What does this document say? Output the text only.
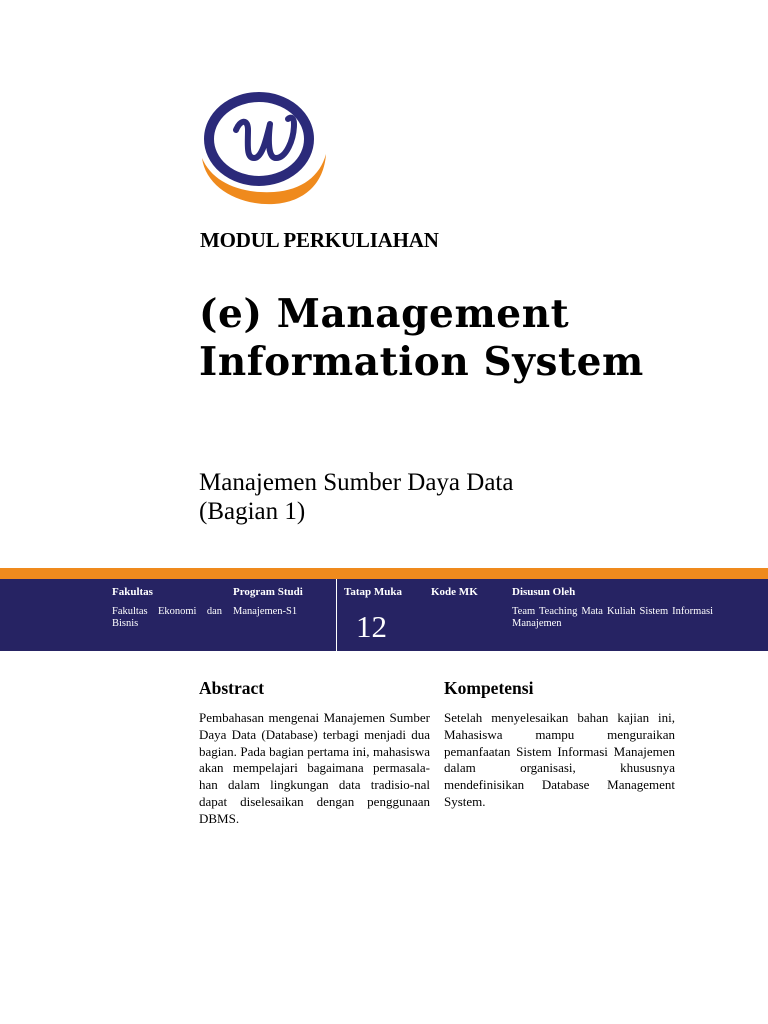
MODUL PERKULIAHAN
(e) Management
Information System
Manajemen Sumber Daya Data
(Bagian 1)
Fakultas
Fakultas Ekonomi dan Bisnis
Program Studi
Manajemen-S1
Tatap Muka
12
Kode MK	Disusun Oleh
Team Teaching Mata Kuliah Sistem Informasi Manajemen
Abstract

Pembahasan mengenai Manajemen Sumber Daya Data (Database) terbagi menjadi dua bagian. Pada bagian pertama ini, mahasiswa akan mempelajari bagaimana permasala-han dalam lingkungan data tradisio-nal dapat diselesaikan dengan penggunaan DBMS.

Kompetensi

Setelah menyelesaikan bahan kajian ini, Mahasiswa mampu menguraikan pemanfaatan Sistem Informasi Manajemen dalam organisasi, khususnya mendefinisikan Database Management System.
